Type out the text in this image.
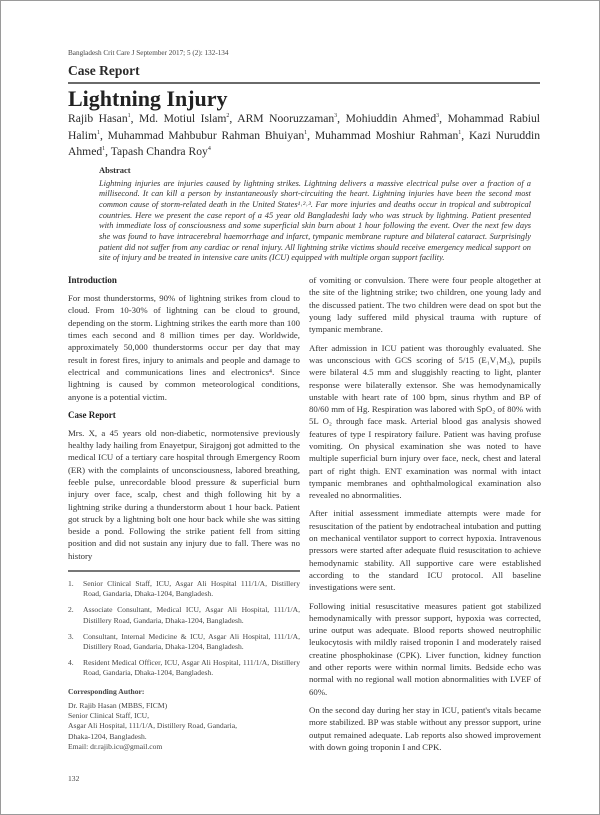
Bangladesh Crit Care J September 2017; 5 (2): 132-134
Case Report
Lightning Injury
Rajib Hasan$^1$, Md. Motiul Islam$^2$, ARM Nooruzzaman$^3$, Mohiuddin Ahmed$^3$, Mohammad Rabiul Halim$^1$, Muhammad Mahbubur Rahman Bhuiyan$^1$, Muhammad Moshiur Rahman$^1$, Kazi Nuruddin Ahmed$^1$, Tapash Chandra Roy$^4$
Abstract
Lightning injuries are injuries caused by lightning strikes. Lightning delivers a massive electrical pulse over a fraction of a millisecond. It can kill a person by instantaneously short-circuiting the heart. Lightning injuries have been the second most common cause of storm-related death in the United States¹˒²˒³. Far more injuries and deaths occur in tropical and subtropical countries. Here we present the case report of a 45 year old Bangladeshi lady who was struck by lightning. Patient presented with immediate loss of consciousness and some superficial skin burn about 1 hour following the event. Over the next few days she was found to have intracerebral haemorrhage and infarct, tympanic membrane rupture and bilateral cataract. Surprisingly patient did not suffer from any cardiac or renal injury. All lightning strike victims should receive emergency medical support on site of injury and be treated in intensive care units (ICU) equipped with multiple organ support facility.
Introduction

For most thunderstorms, 90% of lightning strikes from cloud to cloud. From 10-30% of lightning can be cloud to ground, depending on the storm. Lightning strikes the earth more than 100 times each second and 8 million times per day. Worldwide, approximately 50,000 thunderstorms occur per day that may result in forest fires, injury to animals and people and damage to electrical and communications lines and electronics⁴. Since lightning is caused by common meteorological conditions, anyone is a potential victim.

Case Report

Mrs. X, a 45 years old non-diabetic, normotensive previously healthy lady hailing from Enayetpur, Sirajgonj got admitted to the medical ICU of a tertiary care hospital through Emergency Room (ER) with the complaints of unconsciousness, labored breathing, feeble pulse, unrecordable blood pressure & superficial burn injury over face, scalp, chest and thigh following hit by a lightning strike during a thunderstorm about 1 hour back. Patient got struck by a lightning bolt one hour back while she was sitting beside a pond. Following the strike patient fell from sitting position and did not sustain any injury due to fall. There was no history

1.	Senior Clinical Staff, ICU, Asgar Ali Hospital 111/1/A, Distillery Road, Gandaria, Dhaka-1204, Bangladesh.
2.	Associate Consultant, Medical ICU, Asgar Ali Hospital, 111/1/A, Distillery Road, Gandaria, Dhaka-1204, Bangladesh.
3.	Consultant, Internal Medicine & ICU, Asgar Ali Hospital, 111/1/A, Distillery Road, Gandaria, Dhaka-1204, Bangladesh.
4.	Resident Medical Officer, ICU, Asgar Ali Hospital, 111/1/A, Distillery Road, Gandaria, Dhaka-1204, Bangladesh.
Corresponding Author:
Dr. Rajib Hasan (MBBS, FICM)
Senior Clinical Staff, ICU,
Asgar Ali Hospital, 111/1/A, Distillery Road, Gandaria,
Dhaka-1204, Bangladesh.
Email: dr.rajib.icu@gmail.com
132

of vomiting or convulsion. There were four people altogether at the site of the lightning strike; two children, one young lady and the discussed patient. The two children were dead on spot but the young lady suffered mild physical trauma with rupture of tympanic membrane.

After admission in ICU patient was thoroughly evaluated. She was unconscious with GCS scoring of 5/15 (E₁V₁M₃), pupils were bilateral 4.5 mm and sluggishly reacting to light, planter response were bilaterally extensor. She was hemodynamically unstable with heart rate of 100 bpm, sinus rhythm and BP of 80/60 mm of Hg. Respiration was labored with SpO₂ of 80% with 5L O₂ through face mask. Arterial blood gas analysis showed features of type I respiratory failure. Patient was having profuse vomiting. On physical examination she was noted to have multiple superficial burn injury over face, neck, chest and lateral part of right thigh. ENT examination was normal with intact tympanic membranes and ophthalmological examination also revealed no abnormalities.

After initial assessment immediate attempts were made for resuscitation of the patient by endotracheal intubation and putting on mechanical ventilator support to correct hypoxia. Intravenous pressors were started after adequate fluid resuscitation to achieve hemodynamic stability. All supportive care were established according to the standard ICU protocol. All baseline investigations were sent.

Following initial resuscitative measures patient got stabilized hemodynamically with pressor support, hypoxia was corrected, urine output was adequate. Blood reports showed neutrophilic leukocytosis with mildly raised troponin I and moderately raised creatine phosphokinase (CPK). Liver function, kidney function and other reports were within normal limits. Bedside echo was normal with no regional wall motion abnormalities with LVEF of 60%.

On the second day during her stay in ICU, patient's vitals became more stabilized. BP was stable without any pressor support, urine output remained adequate. Lab reports also showed improvement with down going troponin I and CPK.
